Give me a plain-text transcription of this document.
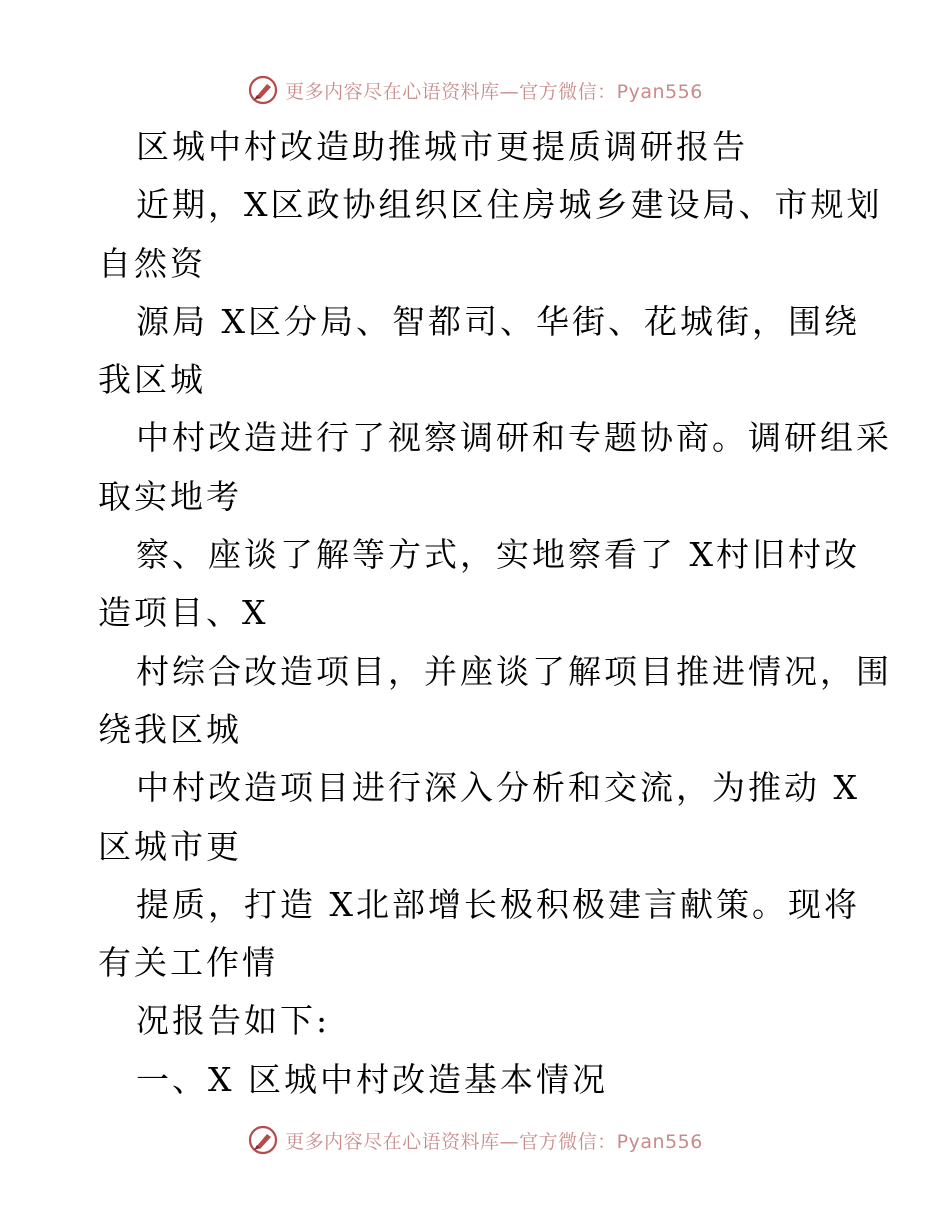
更多内容尽在心语资料库—官方微信：Pyan556
区城中村改造助推城市更提质调研报告
近期，X区政协组织区住房城乡建设局、市规划
自然资
源局 X区分局、智都司、华街、花城街，围绕
我区城
中村改造进行了视察调研和专题协商。调研组采
取实地考
察、座谈了解等方式，实地察看了 X村旧村改
造项目、X
村综合改造项目，并座谈了解项目推进情况，围
绕我区城
中村改造项目进行深入分析和交流，为推动 X
区城市更
提质，打造 X北部增长极积极建言献策。现将
有关工作情
况报告如下:
一、X 区城中村改造基本情况
更多内容尽在心语资料库—官方微信：Pyan556
